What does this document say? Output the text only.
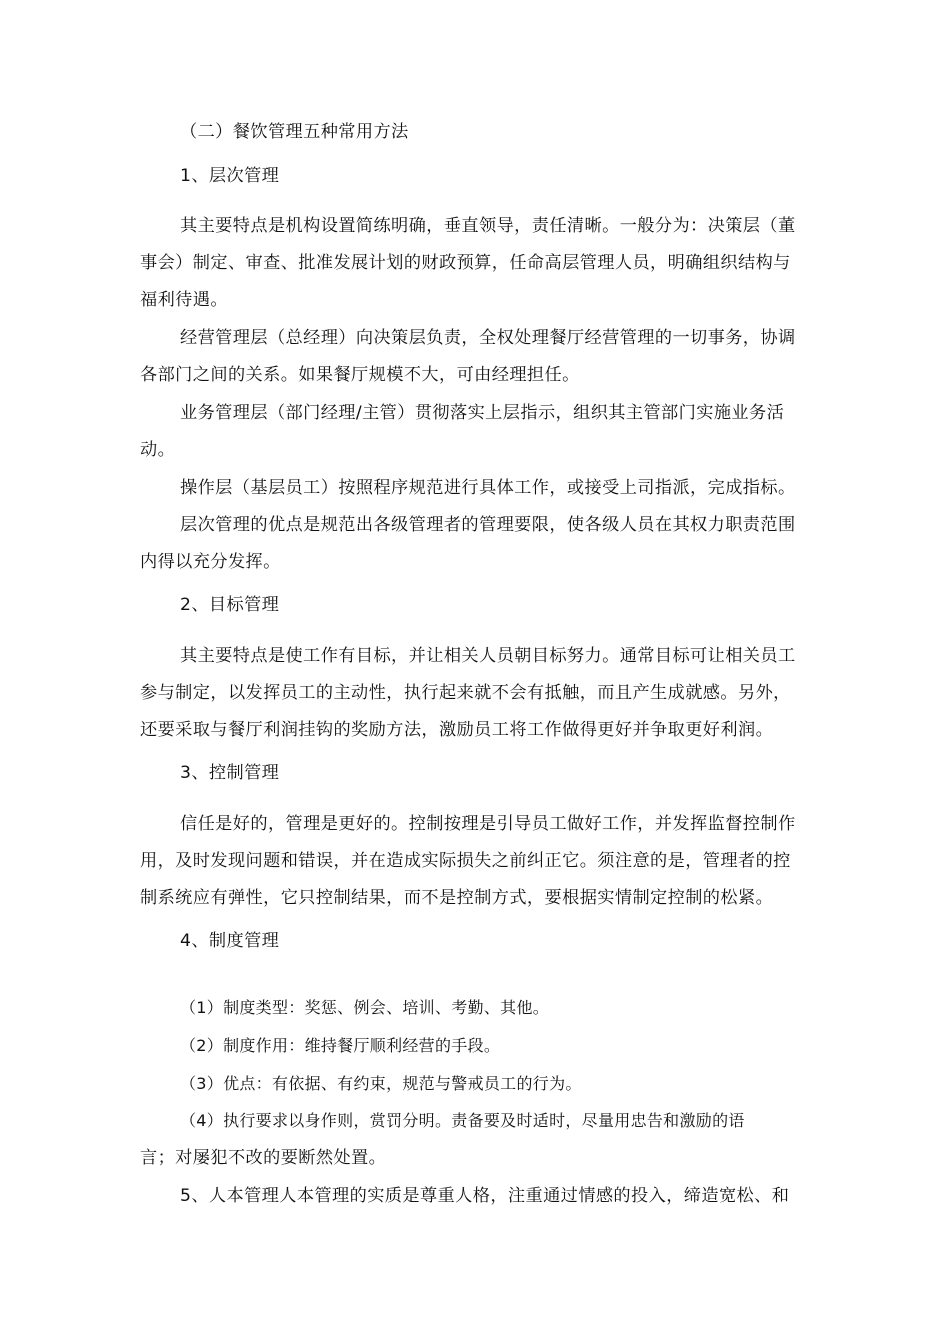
（二）餐饮管理五种常用方法

1、层次管理

其主要特点是机构设置简练明确，垂直领导，责任清晰。一般分为：决策层（董

事会）制定、审查、批准发展计划的财政预算，任命高层管理人员，明确组织结构与

福利待遇。

经营管理层（总经理）向决策层负责，全权处理餐厅经营管理的一切事务，协调

各部门之间的关系。如果餐厅规模不大，可由经理担任。

业务管理层（部门经理/主管）贯彻落实上层指示，组织其主管部门实施业务活

动。

操作层（基层员工）按照程序规范进行具体工作，或接受上司指派，完成指标。

层次管理的优点是规范出各级管理者的管理要限，使各级人员在其权力职责范围

内得以充分发挥。

2、目标管理

其主要特点是使工作有目标，并让相关人员朝目标努力。通常目标可让相关员工

参与制定，以发挥员工的主动性，执行起来就不会有抵触，而且产生成就感。另外，

还要采取与餐厅利润挂钩的奖励方法，激励员工将工作做得更好并争取更好利润。

3、控制管理

信任是好的，管理是更好的。控制按理是引导员工做好工作，并发挥监督控制作

用，及时发现问题和错误，并在造成实际损失之前纠正它。须注意的是，管理者的控

制系统应有弹性，它只控制结果，而不是控制方式，要根据实情制定控制的松紧。

4、制度管理

（1）制度类型：奖惩、例会、培训、考勤、其他。

（2）制度作用：维持餐厅顺利经营的手段。

（3）优点：有依据、有约束，规范与警戒员工的行为。

（4）执行要求以身作则，赏罚分明。责备要及时适时，尽量用忠告和激励的语

言；对屡犯不改的要断然处置。

5、人本管理人本管理的实质是尊重人格，注重通过情感的投入，缔造宽松、和
